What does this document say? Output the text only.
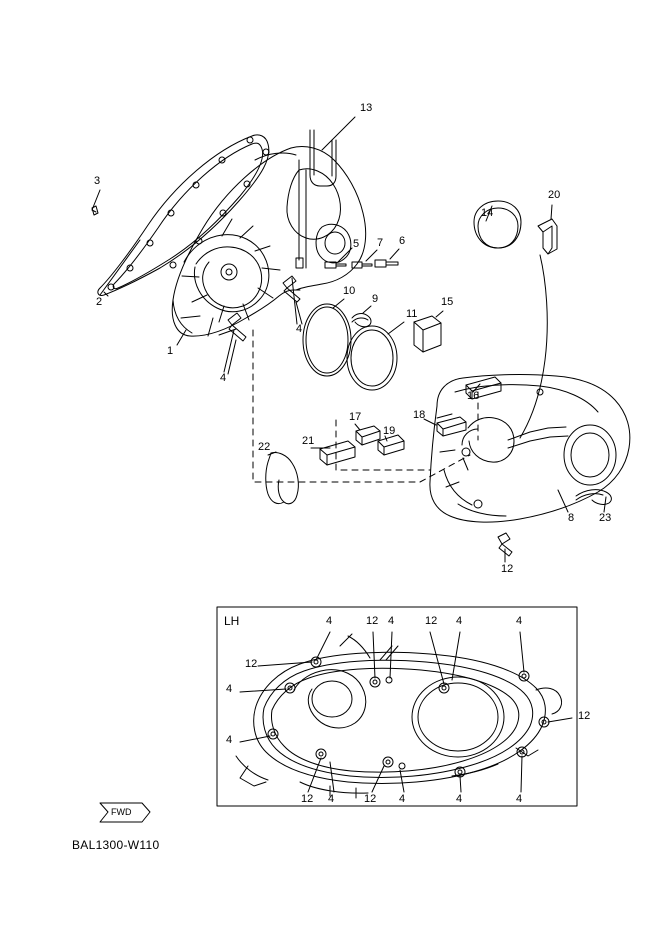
13
3
14
20
5 7 6
2
10
9
11
15
1
4
4
16
17	18
19
22	21
8 23
12
4	12 4	12 4	4
12
4
12
4
12 4	12 4	4	4
LH
FWD
BAL1300-W110
